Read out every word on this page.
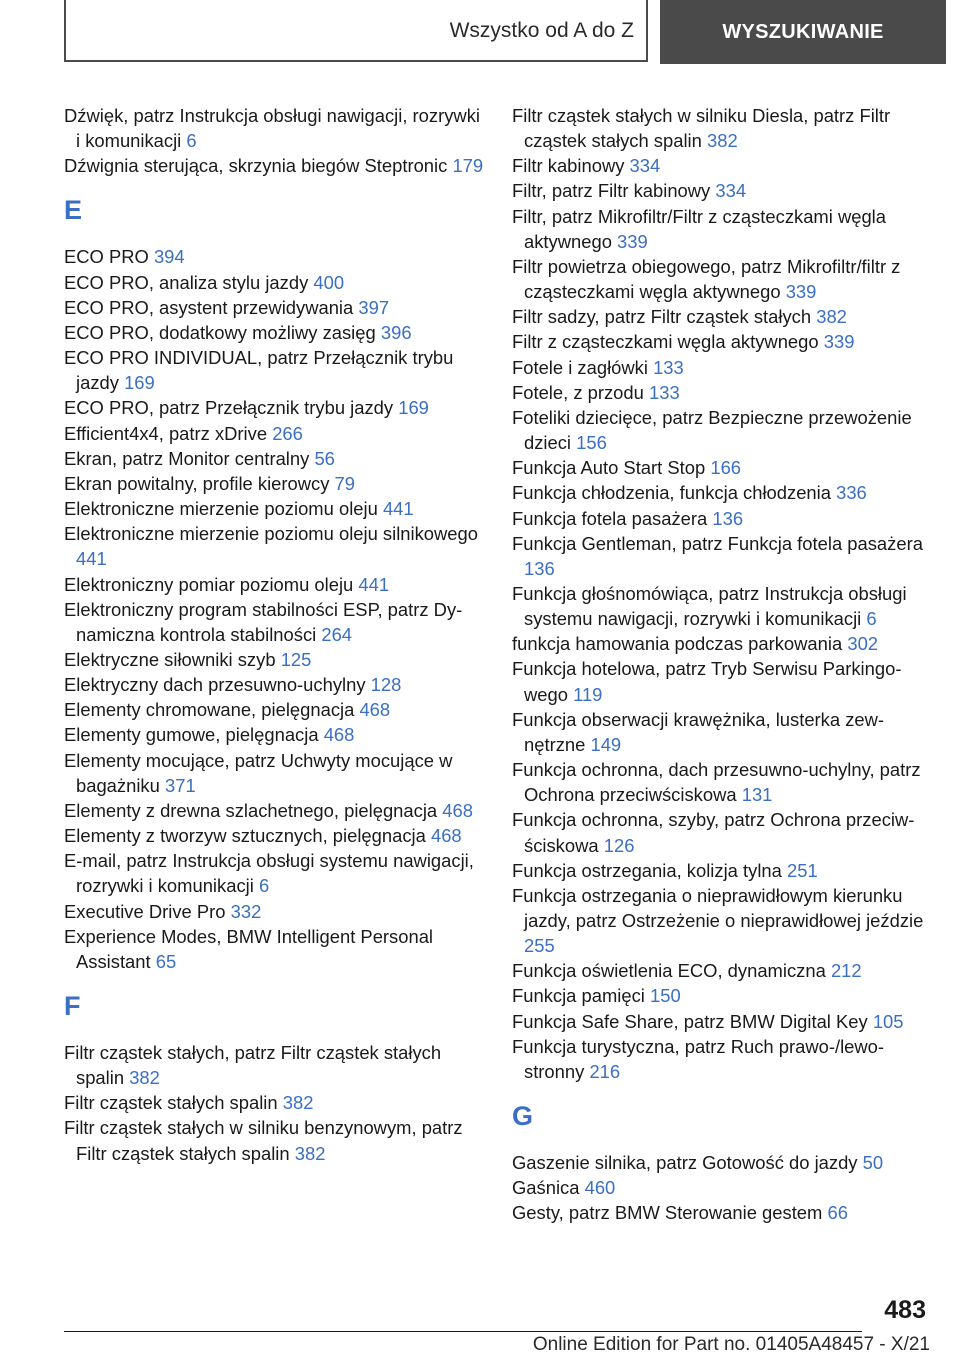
Wszystko od A do Z	WYSZUKIWANIE
Dźwięk, patrz Instrukcja obsługi nawigacji, rozrywki i komunikacji 6
Dźwignia sterująca, skrzynia biegów Steptronic 179
E
ECO PRO 394
ECO PRO, analiza stylu jazdy 400
ECO PRO, asystent przewidywania 397
ECO PRO, dodatkowy możliwy zasięg 396
ECO PRO INDIVIDUAL, patrz Przełącznik trybu jazdy 169
ECO PRO, patrz Przełącznik trybu jazdy 169
Efficient4x4, patrz xDrive 266
Ekran, patrz Monitor centralny 56
Ekran powitalny, profile kierowcy 79
Elektroniczne mierzenie poziomu oleju 441
Elektroniczne mierzenie poziomu oleju silnikowego 441
Elektroniczny pomiar poziomu oleju 441
Elektroniczny program stabilności ESP, patrz Dynamiczna kontrola stabilności 264
Elektryczne siłowniki szyb 125
Elektryczny dach przesuwno-uchylny 128
Elementy chromowane, pielęgnacja 468
Elementy gumowe, pielęgnacja 468
Elementy mocujące, patrz Uchwyty mocujące w bagażniku 371
Elementy z drewna szlachetnego, pielęgnacja 468
Elementy z tworzyw sztucznych, pielęgnacja 468
E-mail, patrz Instrukcja obsługi systemu nawigacji, rozrywki i komunikacji 6
Executive Drive Pro 332
Experience Modes, BMW Intelligent Personal Assistant 65
F
Filtr cząstek stałych, patrz Filtr cząstek stałych spalin 382
Filtr cząstek stałych spalin 382
Filtr cząstek stałych w silniku benzynowym, patrz Filtr cząstek stałych spalin 382
Filtr cząstek stałych w silniku Diesla, patrz Filtr cząstek stałych spalin 382
Filtr kabinowy 334
Filtr, patrz Filtr kabinowy 334
Filtr, patrz Mikrofiltr/Filtr z cząsteczkami węgla aktywnego 339
Filtr powietrza obiegowego, patrz Mikrofiltr/filtr z cząsteczkami węgla aktywnego 339
Filtr sadzy, patrz Filtr cząstek stałych 382
Filtr z cząsteczkami węgla aktywnego 339
Fotele i zagłówki 133
Fotele, z przodu 133
Foteliki dziecięce, patrz Bezpieczne przewożenie dzieci 156
Funkcja Auto Start Stop 166
Funkcja chłodzenia, funkcja chłodzenia 336
Funkcja fotela pasażera 136
Funkcja Gentleman, patrz Funkcja fotela pasażera 136
Funkcja głośnomówiąca, patrz Instrukcja obsługi systemu nawigacji, rozrywki i komunikacji 6
funkcja hamowania podczas parkowania 302
Funkcja hotelowa, patrz Tryb Serwisu Parkingowego 119
Funkcja obserwacji krawężnika, lusterka zewnętrzne 149
Funkcja ochronna, dach przesuwno-uchylny, patrz Ochrona przeciwściskowa 131
Funkcja ochronna, szyby, patrz Ochrona przeciwściskowa 126
Funkcja ostrzegania, kolizja tylna 251
Funkcja ostrzegania o nieprawidłowym kierunku jazdy, patrz Ostrzeżenie o nieprawidłowej jeździe 255
Funkcja oświetlenia ECO, dynamiczna 212
Funkcja pamięci 150
Funkcja Safe Share, patrz BMW Digital Key 105
Funkcja turystyczna, patrz Ruch prawo-/lewostronny 216
G
Gaszenie silnika, patrz Gotowość do jazdy 50
Gaśnica 460
Gesty, patrz BMW Sterowanie gestem 66
483
Online Edition for Part no. 01405A48457 - X/21
